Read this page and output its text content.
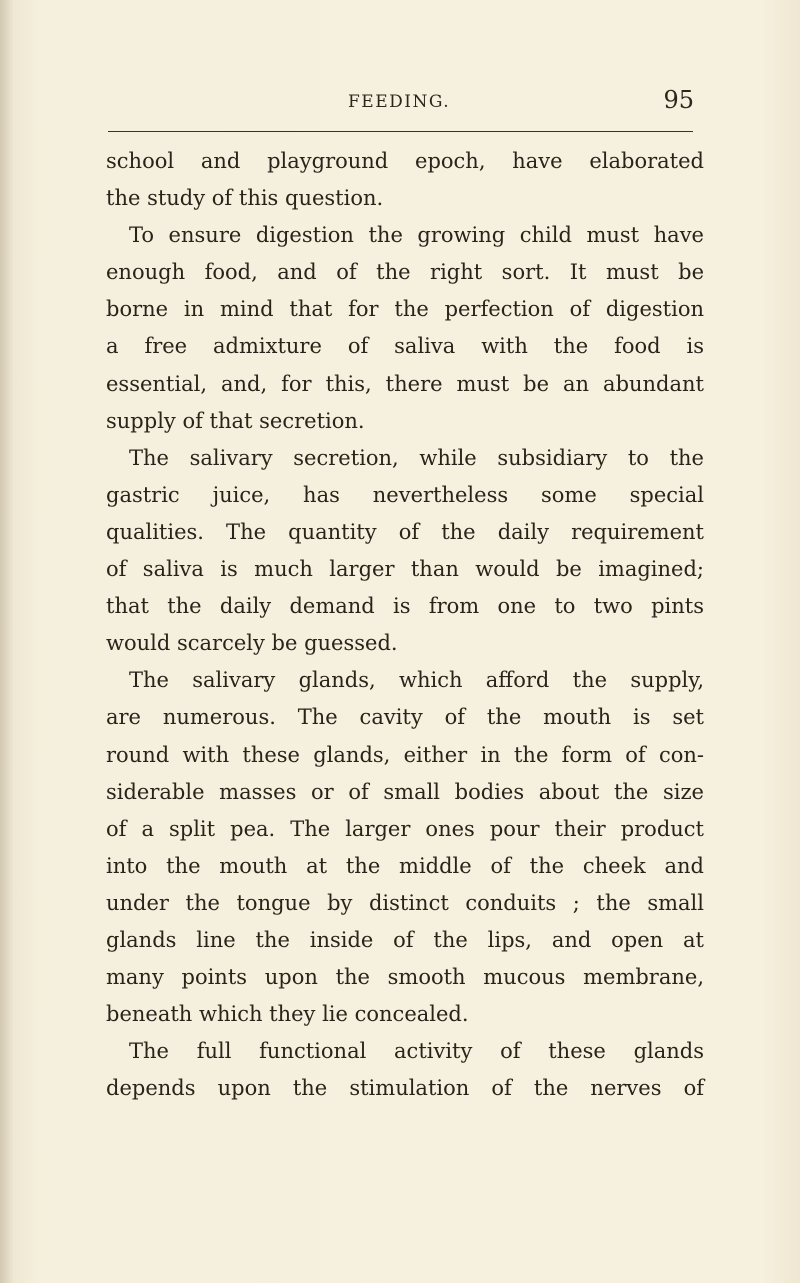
FEEDING.	95
school and playground epoch, have elaborated
the study of this question.
To ensure digestion the growing child must have
enough food, and of the right sort. It must be
borne in mind that for the perfection of digestion
a free admixture of saliva with the food is
essential, and, for this, there must be an abundant
supply of that secretion.
The salivary secretion, while subsidiary to the
gastric juice, has nevertheless some special
qualities. The quantity of the daily requirement
of saliva is much larger than would be imagined;
that the daily demand is from one to two pints
would scarcely be guessed.
The salivary glands, which afford the supply,
are numerous. The cavity of the mouth is set
round with these glands, either in the form of con-
siderable masses or of small bodies about the size
of a split pea. The larger ones pour their product
into the mouth at the middle of the cheek and
under the tongue by distinct conduits ; the small
glands line the inside of the lips, and open at
many points upon the smooth mucous membrane,
beneath which they lie concealed.
The full functional activity of these glands
depends upon the stimulation of the nerves of
